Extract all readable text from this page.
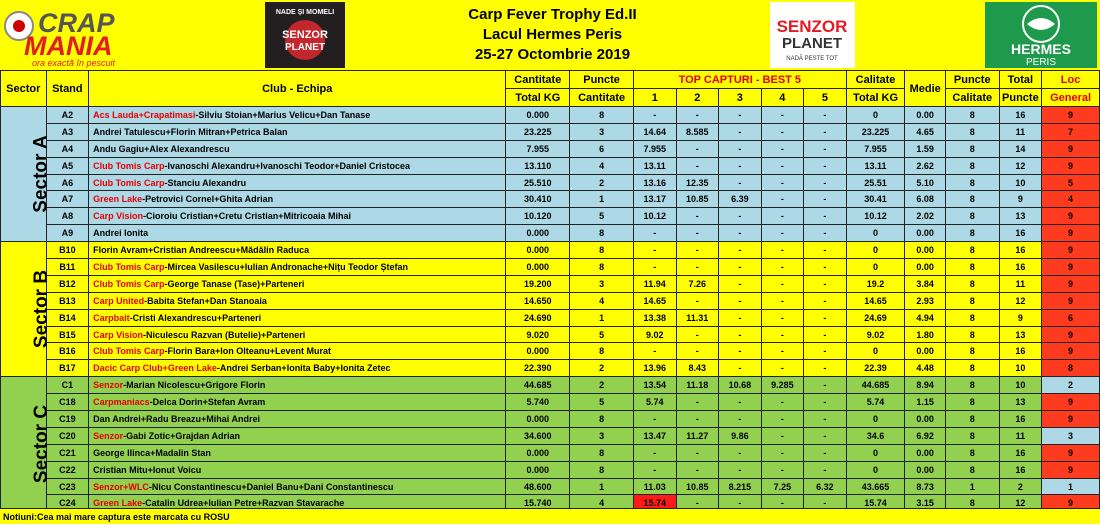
CRAP
MANIA
ora exactă în pescuit
NADE ȘI MOMELI
SENZOR
PLANET
Carp Fever Trophy Ed.II
Lacul Hermes Peris
25-27 Octombrie 2019
SENZOR
PLANET
NADĂ PESTE TOT
HERMES
PERIS
Sector	Stand	Club - Echipa	Cantitate	Puncte	TOP CAPTURI - BEST 5					Calitate	Medie	Puncte	Total	Loc
			Total KG	Cantitate	1	2	3	4	5	Total KG		Calitate	Puncte	General
Sector A	A2	Acs Lauda+Crapatimasi-Silviu Stoian+Marius Velicu+Dan Tanase	0.000	8	-	-	-	-	-	0	0.00	8	16	9
	A3	Andrei Tatulescu+Florin Mitran+Petrica Balan	23.225	3	14.64	8.585	-	-	-	23.225	4.65	8	11	7
	A4	Andu Gagiu+Alex Alexandrescu	7.955	6	7.955	-	-	-	-	7.955	1.59	8	14	9
	A5	Club Tomis Carp-Ivanoschi Alexandru+Ivanoschi Teodor+Daniel Cristocea	13.110	4	13.11	-	-	-	-	13.11	2.62	8	12	9
	A6	Club Tomis Carp-Stanciu Alexandru	25.510	2	13.16	12.35	-	-	-	25.51	5.10	8	10	5
	A7	Green Lake-Petrovici Cornel+Ghita Adrian	30.410	1	13.17	10.85	6.39	-	-	30.41	6.08	8	9	4
	A8	Carp Vision-Cioroiu Cristian+Cretu Cristian+Mitricoaia Mihai	10.120	5	10.12	-	-	-	-	10.12	2.02	8	13	9
	A9	Andrei Ionita	0.000	8	-	-	-	-	-	0	0.00	8	16	9
Sector B	B10	Florin Avram+Cristian Andreescu+Mădălin Raduca	0.000	8	-	-	-	-	-	0	0.00	8	16	9
	B11	Club Tomis Carp-Mircea Vasilescu+Iulian Andronache+Nițu Teodor Ștefan	0.000	8	-	-	-	-	-	0	0.00	8	16	9
	B12	Club Tomis Carp-George Tanase (Tase)+Parteneri	19.200	3	11.94	7.26	-	-	-	19.2	3.84	8	11	9
	B13	Carp United-Babita Stefan+Dan Stanoaia	14.650	4	14.65	-	-	-	-	14.65	2.93	8	12	9
	B14	Carpbait-Cristi Alexandrescu+Parteneri	24.690	1	13.38	11.31	-	-	-	24.69	4.94	8	9	6
	B15	Carp Vision-Niculescu Razvan (Butelie)+Parteneri	9.020	5	9.02	-	-	-	-	9.02	1.80	8	13	9
	B16	Club Tomis Carp-Florin Bara+Ion Olteanu+Levent Murat	0.000	8	-	-	-	-	-	0	0.00	8	16	9
	B17	Dacic Carp Club+Green Lake-Andrei Serban+Ionita Baby+Ionita Zetec	22.390	2	13.96	8.43	-	-	-	22.39	4.48	8	10	8
Sector C	C1	Senzor-Marian Nicolescu+Grigore Florin	44.685	2	13.54	11.18	10.68	9.285	-	44.685	8.94	8	10	2
	C18	Carpmaniacs-Delca Dorin+Stefan Avram	5.740	5	5.74	-	-	-	-	5.74	1.15	8	13	9
	C19	Dan Andrei+Radu Breazu+Mihai Andrei	0.000	8	-	-	-	-	-	0	0.00	8	16	9
	C20	Senzor-Gabi Zotic+Grajdan Adrian	34.600	3	13.47	11.27	9.86	-	-	34.6	6.92	8	11	3
	C21	George Ilinca+Madalin Stan	0.000	8	-	-	-	-	-	0	0.00	8	16	9
	C22	Cristian Mitu+Ionut Voicu	0.000	8	-	-	-	-	-	0	0.00	8	16	9
	C23	Senzor+WLC-Nicu Constantinescu+Daniel Banu+Dani Constantinescu	48.600	1	11.03	10.85	8.215	7.25	6.32	43.665	8.73	1	2	1
	C24	Green Lake-Catalin Udrea+Iulian Petre+Razvan Stavarache	15.740	4	15.74	-	-	-	-	15.74	3.15	8	12	9
Notiuni:Cea mai mare captura este marcata cu ROSU
